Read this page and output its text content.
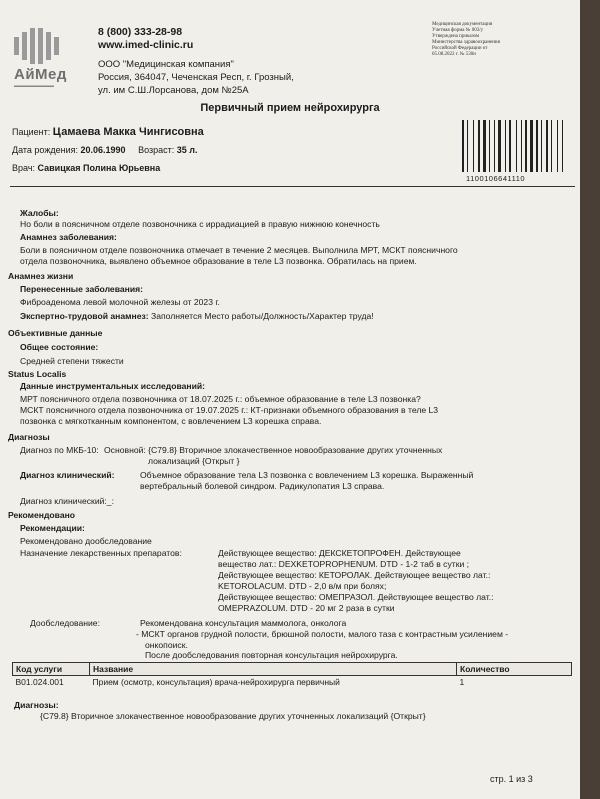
АйМед
▬▬▬▬▬▬▬▬
8 (800) 333-28-98
www.imed-clinic.ru
ООО "Медицинская компания"
Россия, 364047, Чеченская Респ, г. Грозный,
ул. им С.Ш.Лорсанова, дом №25А
Медицинская документация
Учетная форма № 003/у
Утверждена приказом
Министерства здравоохранения
Российской Федерации от
05.08.2022 г. № 530н
Первичный прием нейрохирурга
1100106641110
Пациент: Цамаева Макка Чингисовна
Дата рождения: 20.06.1990 Возраст: 35 л.
Врач: Савицкая Полина Юрьевна
Жалобы:
Но боли в поясничном отделе позвоночника с иррадиацией в правую нижнюю конечность
Анамнез заболевания:
Боли в поясничном отделе позвоночника отмечает в течение 2 месяцев. Выполнила МРТ, МСКТ поясничного
отдела позвоночника, выявлено объемное образование в теле L3 позвонка. Обратилась на прием.
Анамнез жизни
Перенесенные заболевания:
Фиброаденома левой молочной железы от 2023 г.
Экспертно-трудовой анамнез: Заполняется Место работы/Должность/Характер труда!
Объективные данные
Общее состояние:
Средней степени тяжести
Status Localis
Данные инструментальных исследований:
МРТ поясничного отдела позвоночника от 18.07.2025 г.: объемное образование в теле L3 позвонка?
МСКТ поясничного отдела позвоночника от 19.07.2025 г.: КТ-признаки объемного образования в теле L3
позвонка с мягкотканным компонентом, с вовлечением L3 корешка справа.
Диагнозы
Диагноз по МКБ-10: Основной: {C79.8} Вторичное злокачественное новообразование других уточненных
локализаций {Открыт }
Диагноз клинический:	Объемное образование тела L3 позвонка с вовлечением L3 корешка. Выраженный
вертебральный болевой синдром. Радикулопатия L3 справа.
Диагноз клинический:_:
Рекомендовано
Рекомендации:
Рекомендовано дообследование
Назначение лекарственных препаратов:	Действующее вещество: ДЕКСКЕТОПРОФЕН. Действующее
вещество лат.: DEXKETOPROPHENUM. DTD - 1-2 таб в сутки ;
Действующее вещество: КЕТОРОЛАК. Действующее вещество лат.:
KETOROLACUM. DTD - 2,0 в/м при болях;
Действующее вещество: ОМЕПРАЗОЛ. Действующее вещество лат.:
OMEPRAZOLUM. DTD - 20 мг 2 раза в сутки
Дообследование:	Рекомендована консультация маммолога, онколога
- МСКТ органов грудной полости, брюшной полости, малого таза с контрастным усилением -
онкопоиск.
После дообследования повторная консультация нейрохирурга.
Код услуги	Название	Количество
B01.024.001	Прием (осмотр, консультация) врача-нейрохирурга первичный	1
Диагнозы:
{C79.8} Вторичное злокачественное новообразование других уточненных локализаций {Открыт}
стр. 1 из 3
